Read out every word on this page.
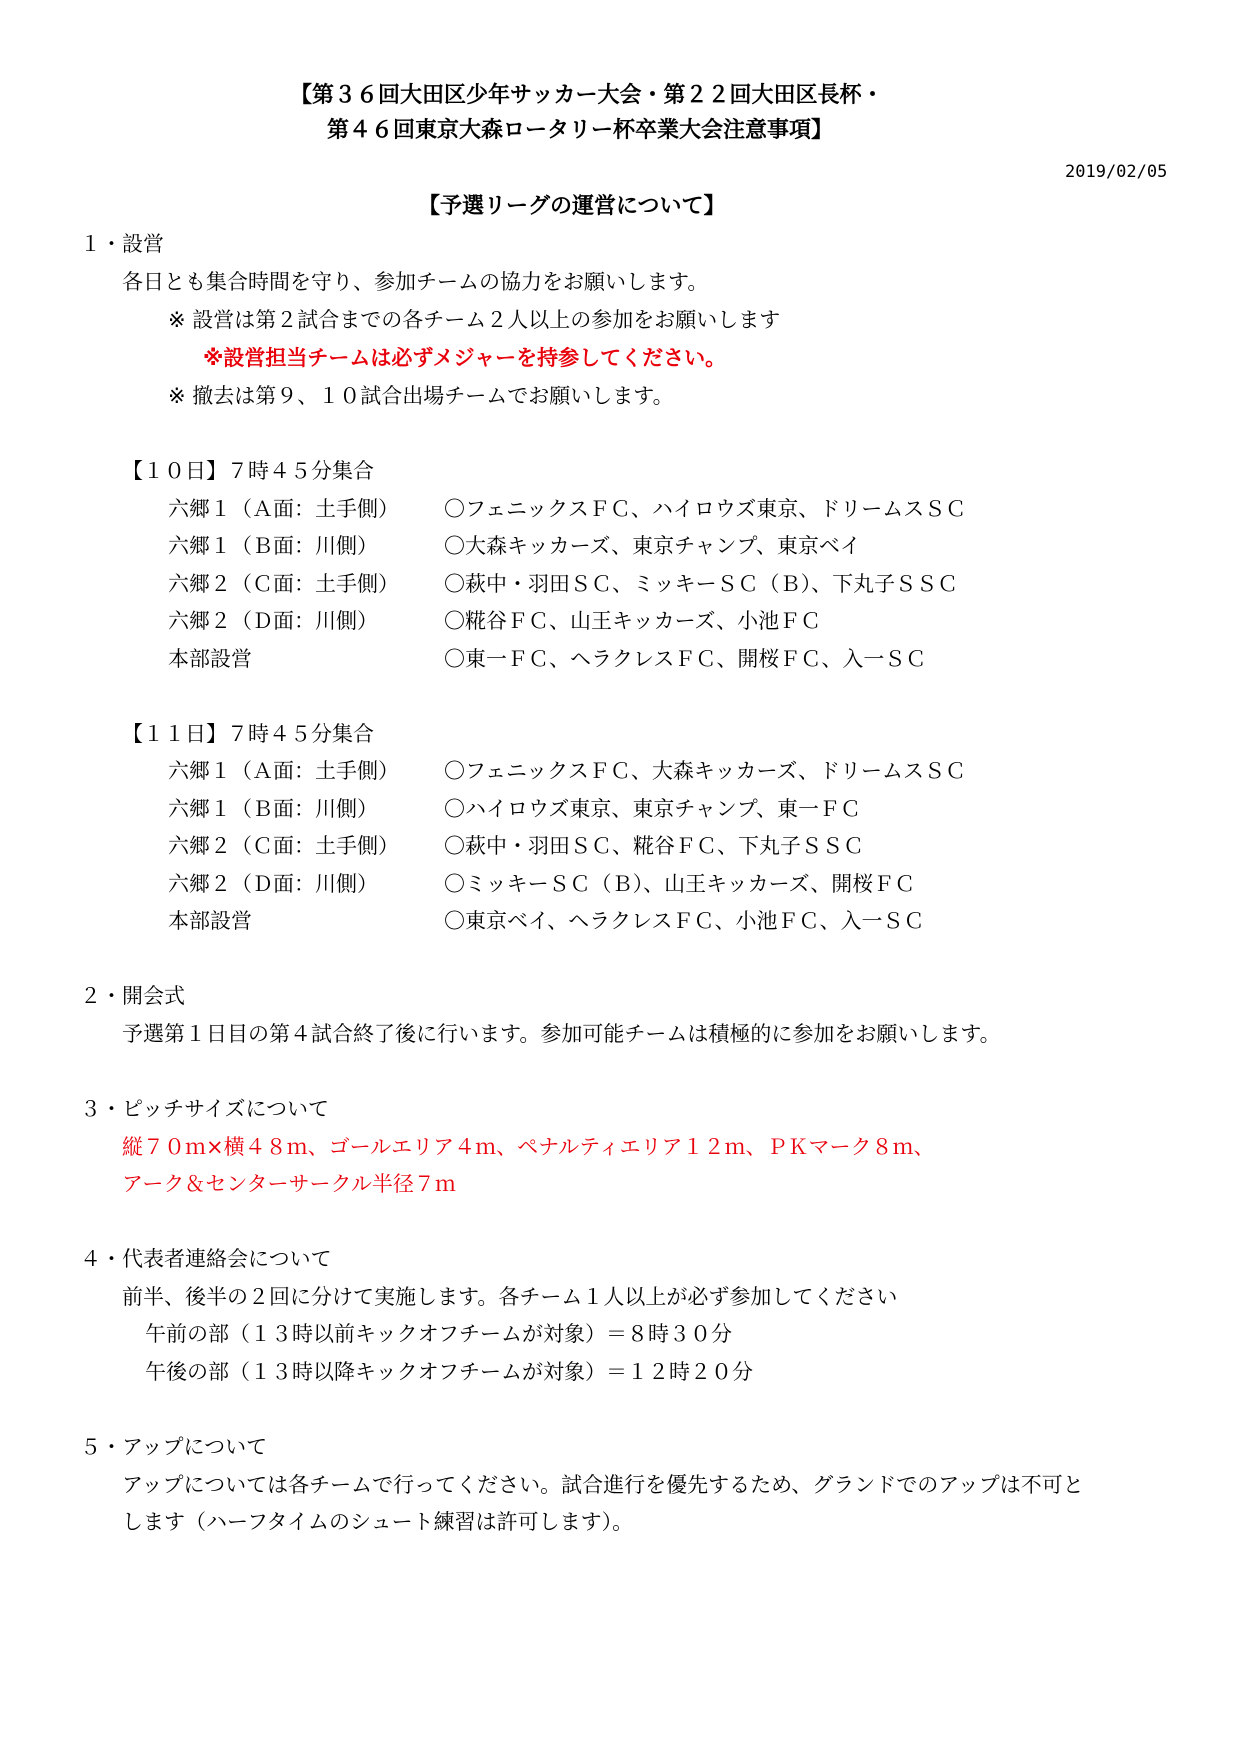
【第３６回大田区少年サッカー大会・第２２回大田区長杯・
第４６回東京大森ロータリー杯卒業大会注意事項】
2019/02/05
【予選リーグの運営について】
１・設営
各日とも集合時間を守り、参加チームの協力をお願いします。
※ 設営は第２試合までの各チーム２人以上の参加をお願いします
※設営担当チームは必ずメジャーを持参してください。
※ 撤去は第９、１０試合出場チームでお願いします。
【１０日】７時４５分集合
六郷１（Ａ面：土手側） 〇フェニックスＦＣ、ハイロウズ東京、ドリームスＳＣ
六郷１（Ｂ面：川側）	〇大森キッカーズ、東京チャンプ、東京ベイ
六郷２（Ｃ面：土手側） 〇萩中・羽田ＳＣ、ミッキーＳＣ（Ｂ）、下丸子ＳＳＣ
六郷２（Ｄ面：川側）	〇糀谷ＦＣ、山王キッカーズ、小池ＦＣ
本部設営	〇東一ＦＣ、ヘラクレスＦＣ、開桜ＦＣ、入一ＳＣ
【１１日】７時４５分集合
六郷１（Ａ面：土手側） 〇フェニックスＦＣ、大森キッカーズ、ドリームスＳＣ
六郷１（Ｂ面：川側）	〇ハイロウズ東京、東京チャンプ、東一ＦＣ
六郷２（Ｃ面：土手側） 〇萩中・羽田ＳＣ、糀谷ＦＣ、下丸子ＳＳＣ
六郷２（Ｄ面：川側）	〇ミッキーＳＣ（Ｂ）、山王キッカーズ、開桜ＦＣ
本部設営	〇東京ベイ、ヘラクレスＦＣ、小池ＦＣ、入一ＳＣ
２・開会式
予選第１日目の第４試合終了後に行います。参加可能チームは積極的に参加をお願いします。
３・ピッチサイズについて
縦７０ｍ×横４８ｍ、ゴールエリア４ｍ、ペナルティエリア１２ｍ、ＰＫマーク８ｍ、
アーク＆センターサークル半径７ｍ
４・代表者連絡会について
前半、後半の２回に分けて実施します。各チーム１人以上が必ず参加してください
午前の部（１３時以前キックオフチームが対象）＝８時３０分
午後の部（１３時以降キックオフチームが対象）＝１２時２０分
５・アップについて
アップについては各チームで行ってください。試合進行を優先するため、グランドでのアップは不可と
します（ハーフタイムのシュート練習は許可します）。
